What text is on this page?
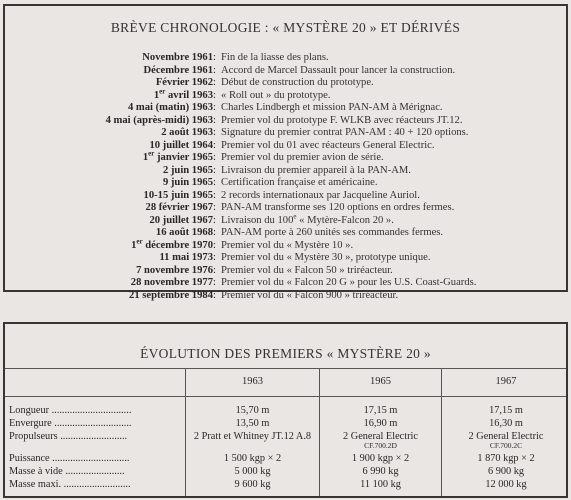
BRÈVE CHRONOLOGIE : « MYSTÈRE 20 » ET DÉRIVÉS
Novembre 1961: Fin de la liasse des plans.
Décembre 1961: Accord de Marcel Dassault pour lancer la construction.
Février 1962: Début de construction du prototype.
1er avril 1963: « Roll out » du prototype.
4 mai (matin) 1963: Charles Lindbergh et mission PAN-AM à Mérignac.
4 mai (après-midi) 1963: Premier vol du prototype F. WLKB avec réacteurs JT.12.
2 août 1963: Signature du premier contrat PAN-AM : 40 + 120 options.
10 juillet 1964: Premier vol du 01 avec réacteurs General Electric.
1er janvier 1965: Premier vol du premier avion de série.
2 juin 1965: Livraison du premier appareil à la PAN-AM.
9 juin 1965: Certification française et américaine.
10-15 juin 1965: 2 records internationaux par Jacqueline Auriol.
28 février 1967: PAN-AM transforme ses 120 options en ordres fermes.
20 juillet 1967: Livraison du 100e « Mytère-Falcon 20 ».
16 août 1968: PAN-AM porte à 260 unités ses commandes fermes.
1er décembre 1970: Premier vol du « Mystère 10 ».
11 mai 1973: Premier vol du « Mystère 30 », prototype unique.
7 novembre 1976: Premier vol du « Falcon 50 » triréacteur.
28 novembre 1977: Premier vol du « Falcon 20 G » pour les U.S. Coast-Guards.
21 septembre 1984: Premier vol du « Falcon 900 » triréacteur.
ÉVOLUTION DES PREMIERS « MYSTÈRE 20 »
1963	1965	1967
Longueur ...............................
Envergure ..............................
Propulseurs ..........................
Puissance ..............................
Masse à vide .......................
Masse maxi. ..........................
15,70 m
13,50 m
2 Pratt et Whitney JT.12 A.8
1 500 kgp × 2
5 000 kg
9 600 kg
17,15 m
16,90 m
2 General Electric
CF.700.2D
1 900 kgp × 2
6 990 kg
11 100 kg
17,15 m
16,30 m
2 General Electric
CF.700.2C
1 870 kgp × 2
6 900 kg
12 000 kg
